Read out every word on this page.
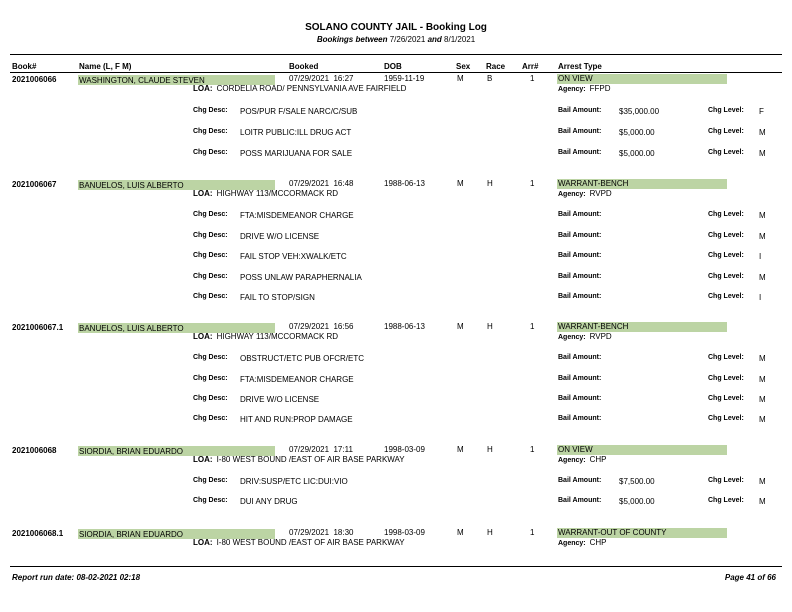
SOLANO COUNTY JAIL - Booking Log
Bookings between 7/26/2021 and 8/1/2021
Book#	Name (L, F M)	Booked	DOB	Sex Race Arr# Arrest Type
2021006066	WASHINGTON, CLAUDE STEVEN	07/29/2021  16:27	1959-11-19	M	B	1	ON VIEW
LOA: CORDELIA ROAD/ PENNSYLVANIA AVE FAIRFIELD	Agency: FFPD
Chg Desc: POS/PUR F/SALE NARC/C/SUB	Bail Amount: $35,000.00	Chg Level: F
Chg Desc: LOITR PUBLIC:ILL DRUG ACT	Bail Amount: $5,000.00	Chg Level: M
Chg Desc: POSS MARIJUANA FOR SALE	Bail Amount: $5,000.00	Chg Level: M
2021006067	BANUELOS, LUIS ALBERTO	07/29/2021  16:48	1988-06-13	M	H	1	WARRANT-BENCH
LOA: HIGHWAY 113/MCCORMACK RD	Agency: RVPD
Chg Desc: FTA:MISDEMEANOR CHARGE	Bail Amount:	Chg Level: M
Chg Desc: DRIVE W/O LICENSE	Bail Amount:	Chg Level: M
Chg Desc: FAIL STOP VEH:XWALK/ETC	Bail Amount:	Chg Level: I
Chg Desc: POSS UNLAW PARAPHERNALIA	Bail Amount:	Chg Level: M
Chg Desc: FAIL TO STOP/SIGN	Bail Amount:	Chg Level: I
2021006067.1 BANUELOS, LUIS ALBERTO	07/29/2021  16:56	1988-06-13	M	H	1	WARRANT-BENCH
LOA: HIGHWAY 113/MCCORMACK RD	Agency: RVPD
Chg Desc: OBSTRUCT/ETC PUB OFCR/ETC	Bail Amount:	Chg Level: M
Chg Desc: FTA:MISDEMEANOR CHARGE	Bail Amount:	Chg Level: M
Chg Desc: DRIVE W/O LICENSE	Bail Amount:	Chg Level: M
Chg Desc: HIT AND RUN:PROP DAMAGE	Bail Amount:	Chg Level: M
2021006068	SIORDIA, BRIAN EDUARDO	07/29/2021  17:11	1998-03-09	M	H	1	ON VIEW
LOA: I-80 WEST BOUND /EAST OF AIR BASE PARKWAY	Agency: CHP
Chg Desc: DRIV:SUSP/ETC LIC:DUI:VIO	Bail Amount: $7,500.00	Chg Level: M
Chg Desc: DUI ANY DRUG	Bail Amount: $5,000.00	Chg Level: M
2021006068.1 SIORDIA, BRIAN EDUARDO	07/29/2021  18:30	1998-03-09	M	H	1	WARRANT-OUT OF COUNTY
LOA: I-80 WEST BOUND /EAST OF AIR BASE PARKWAY	Agency: CHP
Report run date: 08-02-2021 02:18	Page 41 of 66
